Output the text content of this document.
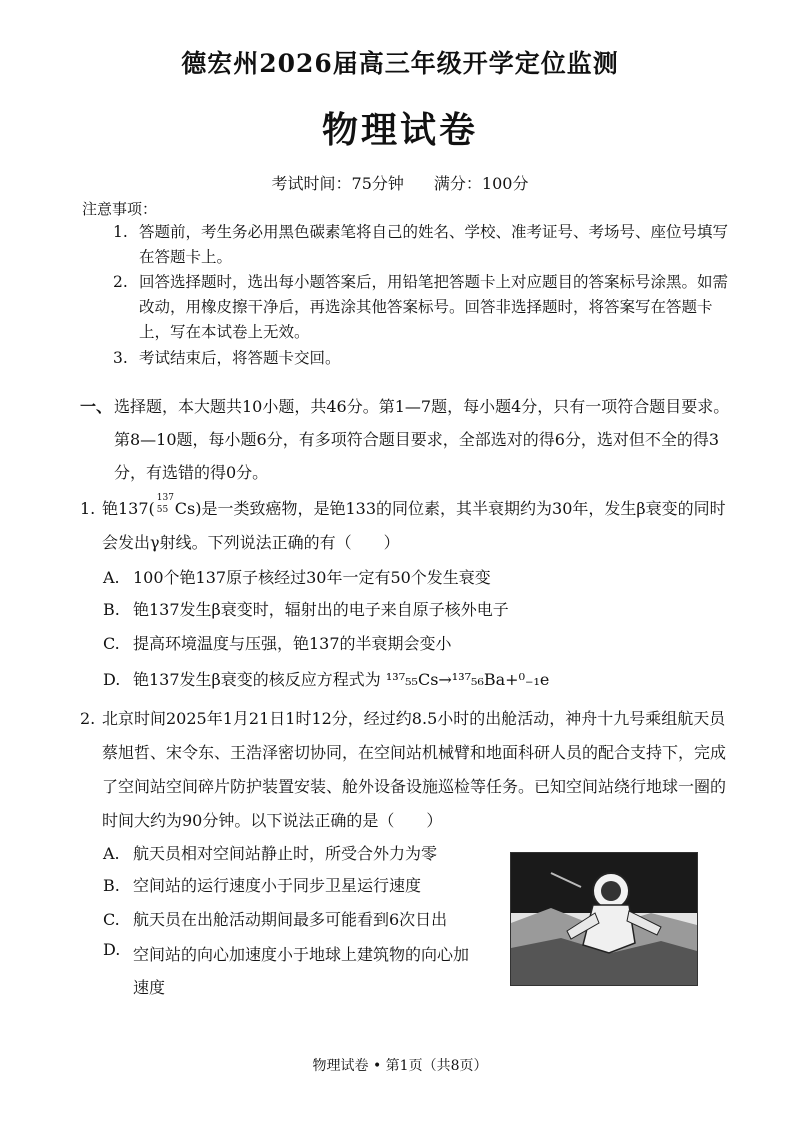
德宏州2026届高三年级开学定位监测
物理试卷
考试时间：75分钟 满分：100分
注意事项：
1. 答题前，考生务必用黑色碳素笔将自己的姓名、学校、准考证号、考场号、座位号填写在答题卡上。
2. 回答选择题时，选出每小题答案后，用铅笔把答题卡上对应题目的答案标号涂黑。如需改动，用橡皮擦干净后，再选涂其他答案标号。回答非选择题时，将答案写在答题卡上，写在本试卷上无效。
3. 考试结束后，将答题卡交回。
一、 选择题，本大题共10小题，共46分。第1—7题，每小题4分，只有一项符合题目要求。第8—10题，每小题6分，有多项符合题目要求，全部选对的得6分，选对但不全的得3分，有选错的得0分。
1. 铯137(
137
55 Cs)是一类致癌物，是铯133的同位素，其半衰期约为30年，发生β衰变的同时会发出γ射线。下列说法正确的有（　　）
A. 100个铯137原子核经过30年一定有50个发生衰变
B. 铯137发生β衰变时，辐射出的电子来自原子核外电子
C. 提高环境温度与压强，铯137的半衰期会变小
D. 铯137发生β衰变的核反应方程式为 ¹³⁷₅₅Cs→¹³⁷₅₆Ba+⁰₋₁e
2. 北京时间2025年1月21日1时12分，经过约8.5小时的出舱活动，神舟十九号乘组航天员蔡旭哲、宋令东、王浩泽密切协同，在空间站机械臂和地面科研人员的配合支持下，完成了空间站空间碎片防护装置安装、舱外设备设施巡检等任务。已知空间站绕行地球一圈的时间大约为90分钟。以下说法正确的是（　　）
A. 航天员相对空间站静止时，所受合外力为零
B. 空间站的运行速度小于同步卫星运行速度
C. 航天员在出舱活动期间最多可能看到6次日出
D. 空间站的向心加速度小于地球上建筑物的向心加速度
物理试卷 • 第1页（共8页）
